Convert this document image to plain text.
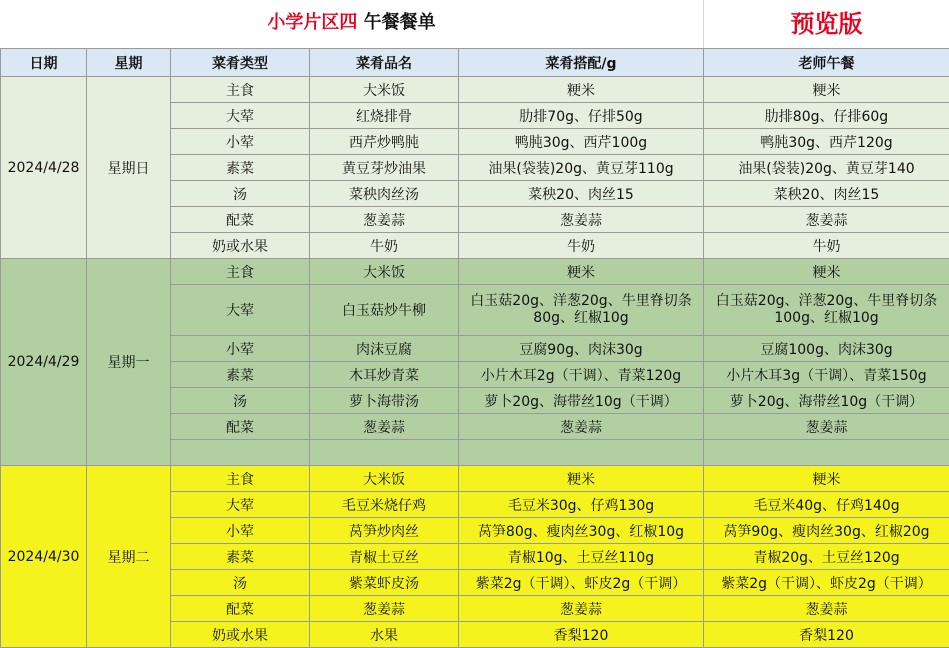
小学片区四 午餐餐单	预览版
日期	星期	菜肴类型	菜肴品名	菜肴搭配/g	老师午餐
2024/4/28	星期日	主食	大米饭	粳米	粳米
		大荤	红烧排骨	肋排70g、仔排50g	肋排80g、仔排60g
		小荤	西芹炒鸭肫	鸭肫30g、西芹100g	鸭肫30g、西芹120g
		素菜	黄豆芽炒油果	油果(袋装)20g、黄豆芽110g	油果(袋装)20g、黄豆芽140
		汤	菜秧肉丝汤	菜秧20、肉丝15	菜秧20、肉丝15
		配菜	葱姜蒜	葱姜蒜	葱姜蒜
		奶或水果	牛奶	牛奶	牛奶
2024/4/29	星期一	主食	大米饭	粳米	粳米
		大荤	白玉菇炒牛柳	白玉菇20g、洋葱20g、牛里脊切条80g、红椒10g	白玉菇20g、洋葱20g、牛里脊切条100g、红椒10g
		小荤	肉沫豆腐	豆腐90g、肉沫30g	豆腐100g、肉沫30g
		素菜	木耳炒青菜	小片木耳2g（干调）、青菜120g	小片木耳3g（干调）、青菜150g
		汤	萝卜海带汤	萝卜20g、海带丝10g（干调）	萝卜20g、海带丝10g（干调）
		配菜	葱姜蒜	葱姜蒜	葱姜蒜

2024/4/30	星期二	主食	大米饭	粳米	粳米
		大荤	毛豆米烧仔鸡	毛豆米30g、仔鸡130g	毛豆米40g、仔鸡140g
		小荤	莴笋炒肉丝	莴笋80g、瘦肉丝30g、红椒10g	莴笋90g、瘦肉丝30g、红椒20g
		素菜	青椒土豆丝	青椒10g、土豆丝110g	青椒20g、土豆丝120g
		汤	紫菜虾皮汤	紫菜2g（干调）、虾皮2g（干调）	紫菜2g（干调）、虾皮2g（干调）
		配菜	葱姜蒜	葱姜蒜	葱姜蒜
		奶或水果	水果	香梨120	香梨120
